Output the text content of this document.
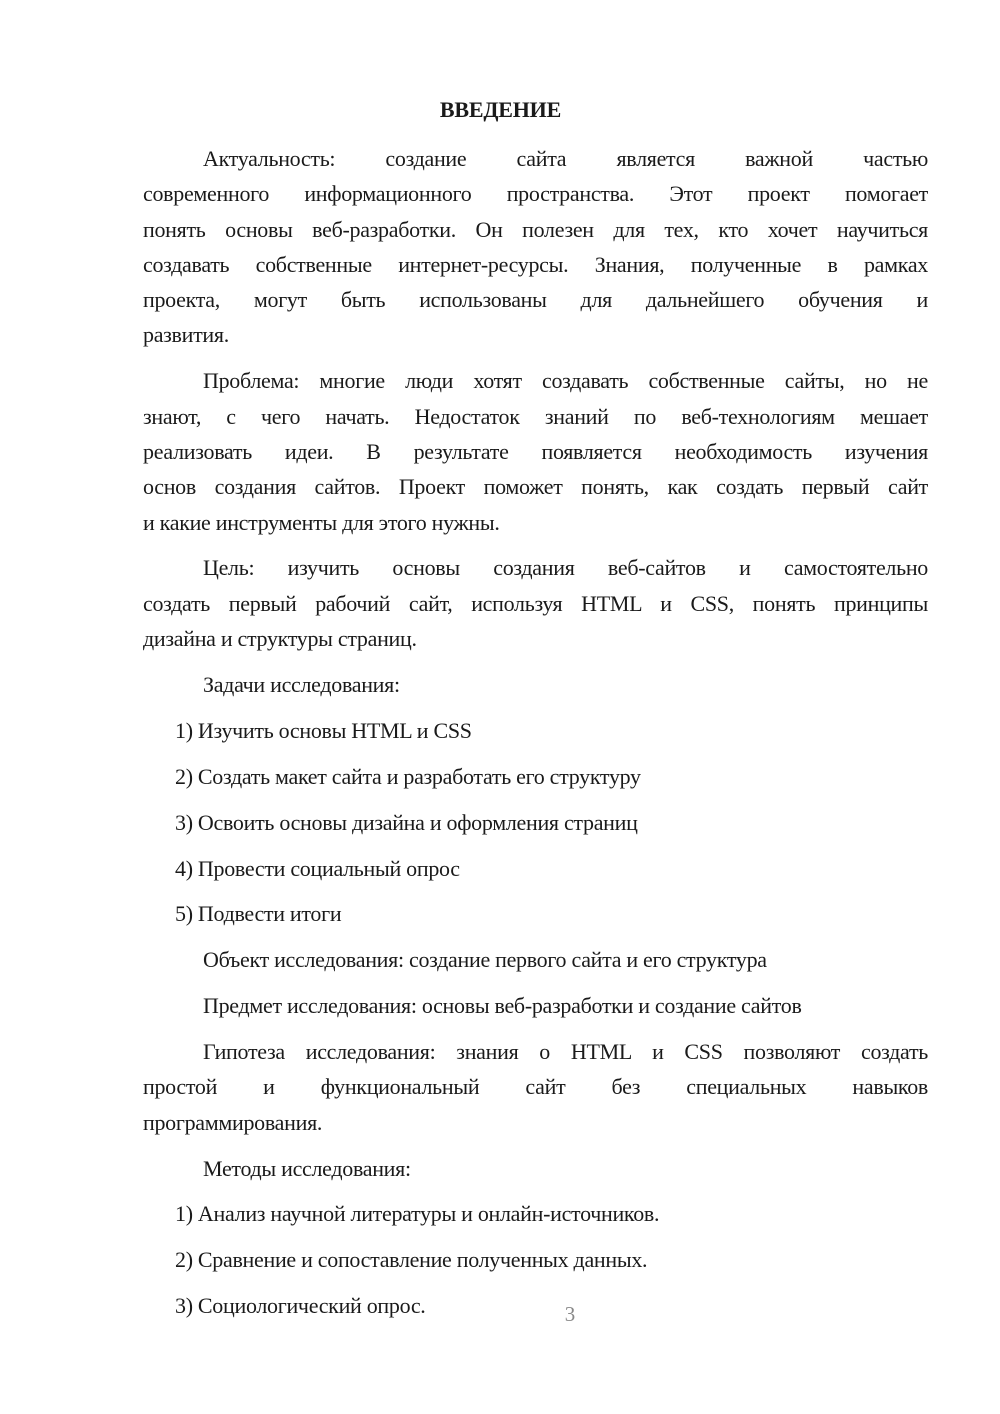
ВВЕДЕНИЕ
Актуальность: создание сайта является важной частью
современного информационного пространства. Этот проект помогает
понять основы веб-разработки. Он полезен для тех, кто хочет научиться
создавать собственные интернет-ресурсы. Знания, полученные в рамках
проекта, могут быть использованы для дальнейшего обучения и
развития.
Проблема: многие люди хотят создавать собственные сайты, но не
знают, с чего начать. Недостаток знаний по веб-технологиям мешает
реализовать идеи. В результате появляется необходимость изучения
основ создания сайтов. Проект поможет понять, как создать первый сайт
и какие инструменты для этого нужны.
Цель: изучить основы создания веб-сайтов и самостоятельно
создать первый рабочий сайт, используя HTML и CSS, понять принципы
дизайна и структуры страниц.
Задачи исследования:
1) Изучить основы HTML и CSS
2) Создать макет сайта и разработать его структуру
3) Освоить основы дизайна и оформления страниц
4) Провести социальный опрос
5) Подвести итоги
Объект исследования: создание первого сайта и его структура
Предмет исследования: основы веб-разработки и создание сайтов
Гипотеза исследования: знания о HTML и CSS позволяют создать
простой и функциональный сайт без специальных навыков
программирования.
Методы исследования:
1) Анализ научной литературы и онлайн-источников.
2) Сравнение и сопоставление полученных данных.
3) Социологический опрос.	3
